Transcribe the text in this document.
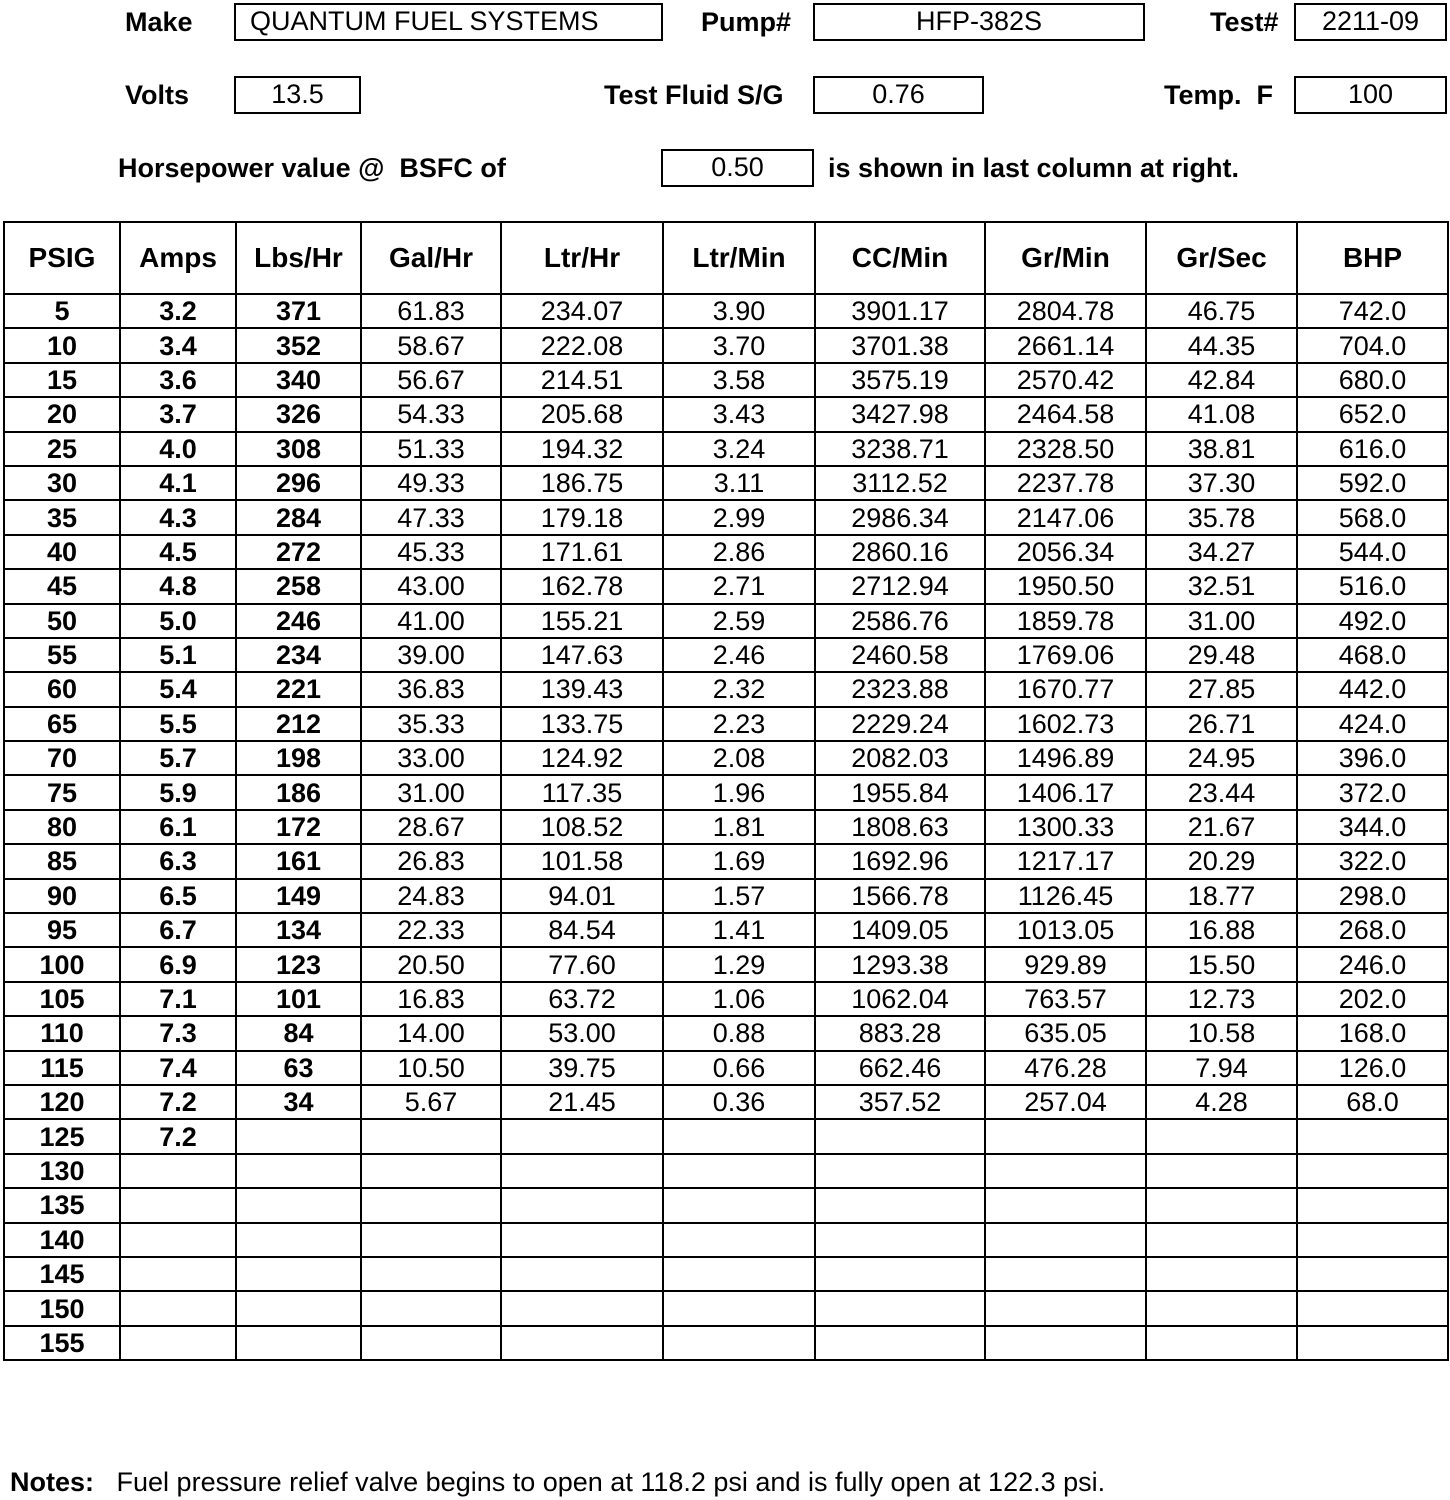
Make	QUANTUM FUEL SYSTEMS	Pump#	HFP-382S	Test#	2211-09
Volts	13.5	Test Fluid S/G	0.76	Temp.  F	100
Horsepower value @  BSFC of	0.50	is shown in last column at right.
PSIG	Amps	Lbs/Hr	Gal/Hr	Ltr/Hr	Ltr/Min	CC/Min	Gr/Min	Gr/Sec	BHP
5	3.2	371	61.83	234.07	3.90	3901.17	2804.78	46.75	742.0
10	3.4	352	58.67	222.08	3.70	3701.38	2661.14	44.35	704.0
15	3.6	340	56.67	214.51	3.58	3575.19	2570.42	42.84	680.0
20	3.7	326	54.33	205.68	3.43	3427.98	2464.58	41.08	652.0
25	4.0	308	51.33	194.32	3.24	3238.71	2328.50	38.81	616.0
30	4.1	296	49.33	186.75	3.11	3112.52	2237.78	37.30	592.0
35	4.3	284	47.33	179.18	2.99	2986.34	2147.06	35.78	568.0
40	4.5	272	45.33	171.61	2.86	2860.16	2056.34	34.27	544.0
45	4.8	258	43.00	162.78	2.71	2712.94	1950.50	32.51	516.0
50	5.0	246	41.00	155.21	2.59	2586.76	1859.78	31.00	492.0
55	5.1	234	39.00	147.63	2.46	2460.58	1769.06	29.48	468.0
60	5.4	221	36.83	139.43	2.32	2323.88	1670.77	27.85	442.0
65	5.5	212	35.33	133.75	2.23	2229.24	1602.73	26.71	424.0
70	5.7	198	33.00	124.92	2.08	2082.03	1496.89	24.95	396.0
75	5.9	186	31.00	117.35	1.96	1955.84	1406.17	23.44	372.0
80	6.1	172	28.67	108.52	1.81	1808.63	1300.33	21.67	344.0
85	6.3	161	26.83	101.58	1.69	1692.96	1217.17	20.29	322.0
90	6.5	149	24.83	94.01	1.57	1566.78	1126.45	18.77	298.0
95	6.7	134	22.33	84.54	1.41	1409.05	1013.05	16.88	268.0
100	6.9	123	20.50	77.60	1.29	1293.38	929.89	15.50	246.0
105	7.1	101	16.83	63.72	1.06	1062.04	763.57	12.73	202.0
110	7.3	84	14.00	53.00	0.88	883.28	635.05	10.58	168.0
115	7.4	63	10.50	39.75	0.66	662.46	476.28	7.94	126.0
120	7.2	34	5.67	21.45	0.36	357.52	257.04	4.28	68.0
125	7.2								
130									
135									
140									
145									
150									
155									
Notes: Fuel pressure relief valve begins to open at 118.2 psi and is fully open at 122.3 psi.
